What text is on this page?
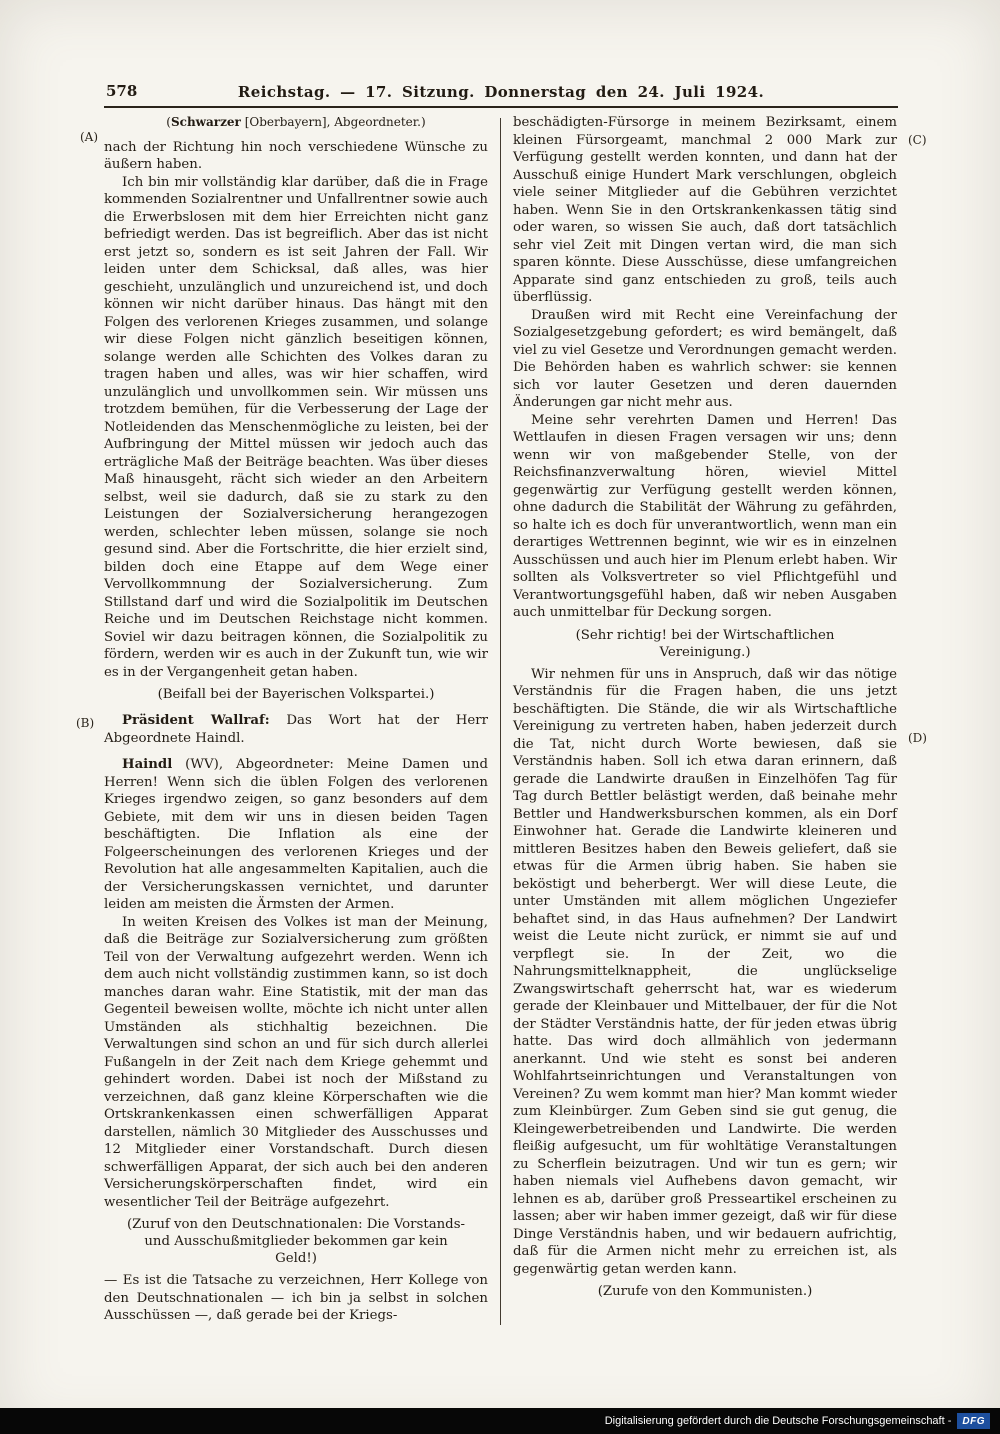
578	Reichstag. — 17. Sitzung. Donnerstag den 24. Juli 1924.
(A)
(B)
(C)
(D)
(Schwarzer [Oberbayern], Abgeordneter.)

nach der Richtung hin noch verschiedene Wünsche zu äußern haben.

Ich bin mir vollständig klar darüber, daß die in Frage kommenden Sozialrentner und Unfallrentner sowie auch die Erwerbslosen mit dem hier Erreichten nicht ganz befriedigt werden. Das ist begreiflich. Aber das ist nicht erst jetzt so, sondern es ist seit Jahren der Fall. Wir leiden unter dem Schicksal, daß alles, was hier geschieht, unzulänglich und unzureichend ist, und doch können wir nicht darüber hinaus. Das hängt mit den Folgen des verlorenen Krieges zusammen, und solange wir diese Folgen nicht gänzlich beseitigen können, solange werden alle Schichten des Volkes daran zu tragen haben und alles, was wir hier schaffen, wird unzulänglich und unvollkommen sein. Wir müssen uns trotzdem bemühen, für die Verbesserung der Lage der Notleidenden das Menschenmögliche zu leisten, bei der Aufbringung der Mittel müssen wir jedoch auch das erträgliche Maß der Beiträge beachten. Was über dieses Maß hinausgeht, rächt sich wieder an den Arbeitern selbst, weil sie dadurch, daß sie zu stark zu den Leistungen der Sozialversicherung herangezogen werden, schlechter leben müssen, solange sie noch gesund sind. Aber die Fortschritte, die hier erzielt sind, bilden doch eine Etappe auf dem Wege einer Vervollkommnung der Sozialversicherung. Zum Stillstand darf und wird die Sozialpolitik im Deutschen Reiche und im Deutschen Reichstage nicht kommen. Soviel wir dazu beitragen können, die Sozialpolitik zu fördern, werden wir es auch in der Zukunft tun, wie wir es in der Vergangenheit getan haben.

(Beifall bei der Bayerischen Volkspartei.)

Präsident Wallraf: Das Wort hat der Herr Abgeordnete Haindl.

Haindl (WV), Abgeordneter: Meine Damen und Herren! Wenn sich die üblen Folgen des verlorenen Krieges irgendwo zeigen, so ganz besonders auf dem Gebiete, mit dem wir uns in diesen beiden Tagen beschäftigten. Die Inflation als eine der Folgeerscheinungen des verlorenen Krieges und der Revolution hat alle angesammelten Kapitalien, auch die der Versicherungskassen vernichtet, und darunter leiden am meisten die Ärmsten der Armen.

In weiten Kreisen des Volkes ist man der Meinung, daß die Beiträge zur Sozialversicherung zum größten Teil von der Verwaltung aufgezehrt werden. Wenn ich dem auch nicht vollständig zustimmen kann, so ist doch manches daran wahr. Eine Statistik, mit der man das Gegenteil beweisen wollte, möchte ich nicht unter allen Umständen als stichhaltig bezeichnen. Die Verwaltungen sind schon an und für sich durch allerlei Fußangeln in der Zeit nach dem Kriege gehemmt und gehindert worden. Dabei ist noch der Mißstand zu verzeichnen, daß ganz kleine Körperschaften wie die Ortskrankenkassen einen schwerfälligen Apparat darstellen, nämlich 30 Mitglieder des Ausschusses und 12 Mitglieder einer Vorstandschaft. Durch diesen schwerfälligen Apparat, der sich auch bei den anderen Versicherungskörperschaften findet, wird ein wesentlicher Teil der Beiträge aufgezehrt.

(Zuruf von den Deutschnationalen: Die Vorstands- und Ausschußmitglieder bekommen gar kein Geld!)

— Es ist die Tatsache zu verzeichnen, Herr Kollege von den Deutschnationalen — ich bin ja selbst in solchen Ausschüssen —, daß gerade bei der Kriegs-

beschädigten-Fürsorge in meinem Bezirksamt, einem kleinen Fürsorgeamt, manchmal 2 000 Mark zur Verfügung gestellt werden konnten, und dann hat der Ausschuß einige Hundert Mark verschlungen, obgleich viele seiner Mitglieder auf die Gebühren verzichtet haben. Wenn Sie in den Ortskrankenkassen tätig sind oder waren, so wissen Sie auch, daß dort tatsächlich sehr viel Zeit mit Dingen vertan wird, die man sich sparen könnte. Diese Ausschüsse, diese umfangreichen Apparate sind ganz entschieden zu groß, teils auch überflüssig.

Draußen wird mit Recht eine Vereinfachung der Sozialgesetzgebung gefordert; es wird bemängelt, daß viel zu viel Gesetze und Verordnungen gemacht werden. Die Behörden haben es wahrlich schwer: sie kennen sich vor lauter Gesetzen und deren dauernden Änderungen gar nicht mehr aus.

Meine sehr verehrten Damen und Herren! Das Wettlaufen in diesen Fragen versagen wir uns; denn wenn wir von maßgebender Stelle, von der Reichsfinanzverwaltung hören, wieviel Mittel gegenwärtig zur Verfügung gestellt werden können, ohne dadurch die Stabilität der Währung zu gefährden, so halte ich es doch für unverantwortlich, wenn man ein derartiges Wettrennen beginnt, wie wir es in einzelnen Ausschüssen und auch hier im Plenum erlebt haben. Wir sollten als Volksvertreter so viel Pflichtgefühl und Verantwortungsgefühl haben, daß wir neben Ausgaben auch unmittelbar für Deckung sorgen.

(Sehr richtig! bei der Wirtschaftlichen Vereinigung.)

Wir nehmen für uns in Anspruch, daß wir das nötige Verständnis für die Fragen haben, die uns jetzt beschäftigten. Die Stände, die wir als Wirtschaftliche Vereinigung zu vertreten haben, haben jederzeit durch die Tat, nicht durch Worte bewiesen, daß sie Verständnis haben. Soll ich etwa daran erinnern, daß gerade die Landwirte draußen in Einzelhöfen Tag für Tag durch Bettler belästigt werden, daß beinahe mehr Bettler und Handwerksburschen kommen, als ein Dorf Einwohner hat. Gerade die Landwirte kleineren und mittleren Besitzes haben den Beweis geliefert, daß sie etwas für die Armen übrig haben. Sie haben sie beköstigt und beherbergt. Wer will diese Leute, die unter Umständen mit allem möglichen Ungeziefer behaftet sind, in das Haus aufnehmen? Der Landwirt weist die Leute nicht zurück, er nimmt sie auf und verpflegt sie. In der Zeit, wo die Nahrungsmittelknappheit, die unglückselige Zwangswirtschaft geherrscht hat, war es wiederum gerade der Kleinbauer und Mittelbauer, der für die Not der Städter Verständnis hatte, der für jeden etwas übrig hatte. Das wird doch allmählich von jedermann anerkannt. Und wie steht es sonst bei anderen Wohlfahrtseinrichtungen und Veranstaltungen von Vereinen? Zu wem kommt man hier? Man kommt wieder zum Kleinbürger. Zum Geben sind sie gut genug, die Kleingewerbetreibenden und Landwirte. Die werden fleißig aufgesucht, um für wohltätige Veranstaltungen zu Scherflein beizutragen. Und wir tun es gern; wir haben niemals viel Aufhebens davon gemacht, wir lehnen es ab, darüber groß Presseartikel erscheinen zu lassen; aber wir haben immer gezeigt, daß wir für diese Dinge Verständnis haben, und wir bedauern aufrichtig, daß für die Armen nicht mehr zu erreichen ist, als gegenwärtig getan werden kann.

(Zurufe von den Kommunisten.)

Digitalisierung gefördert durch die Deutsche Forschungsgemeinschaft -	DFG
